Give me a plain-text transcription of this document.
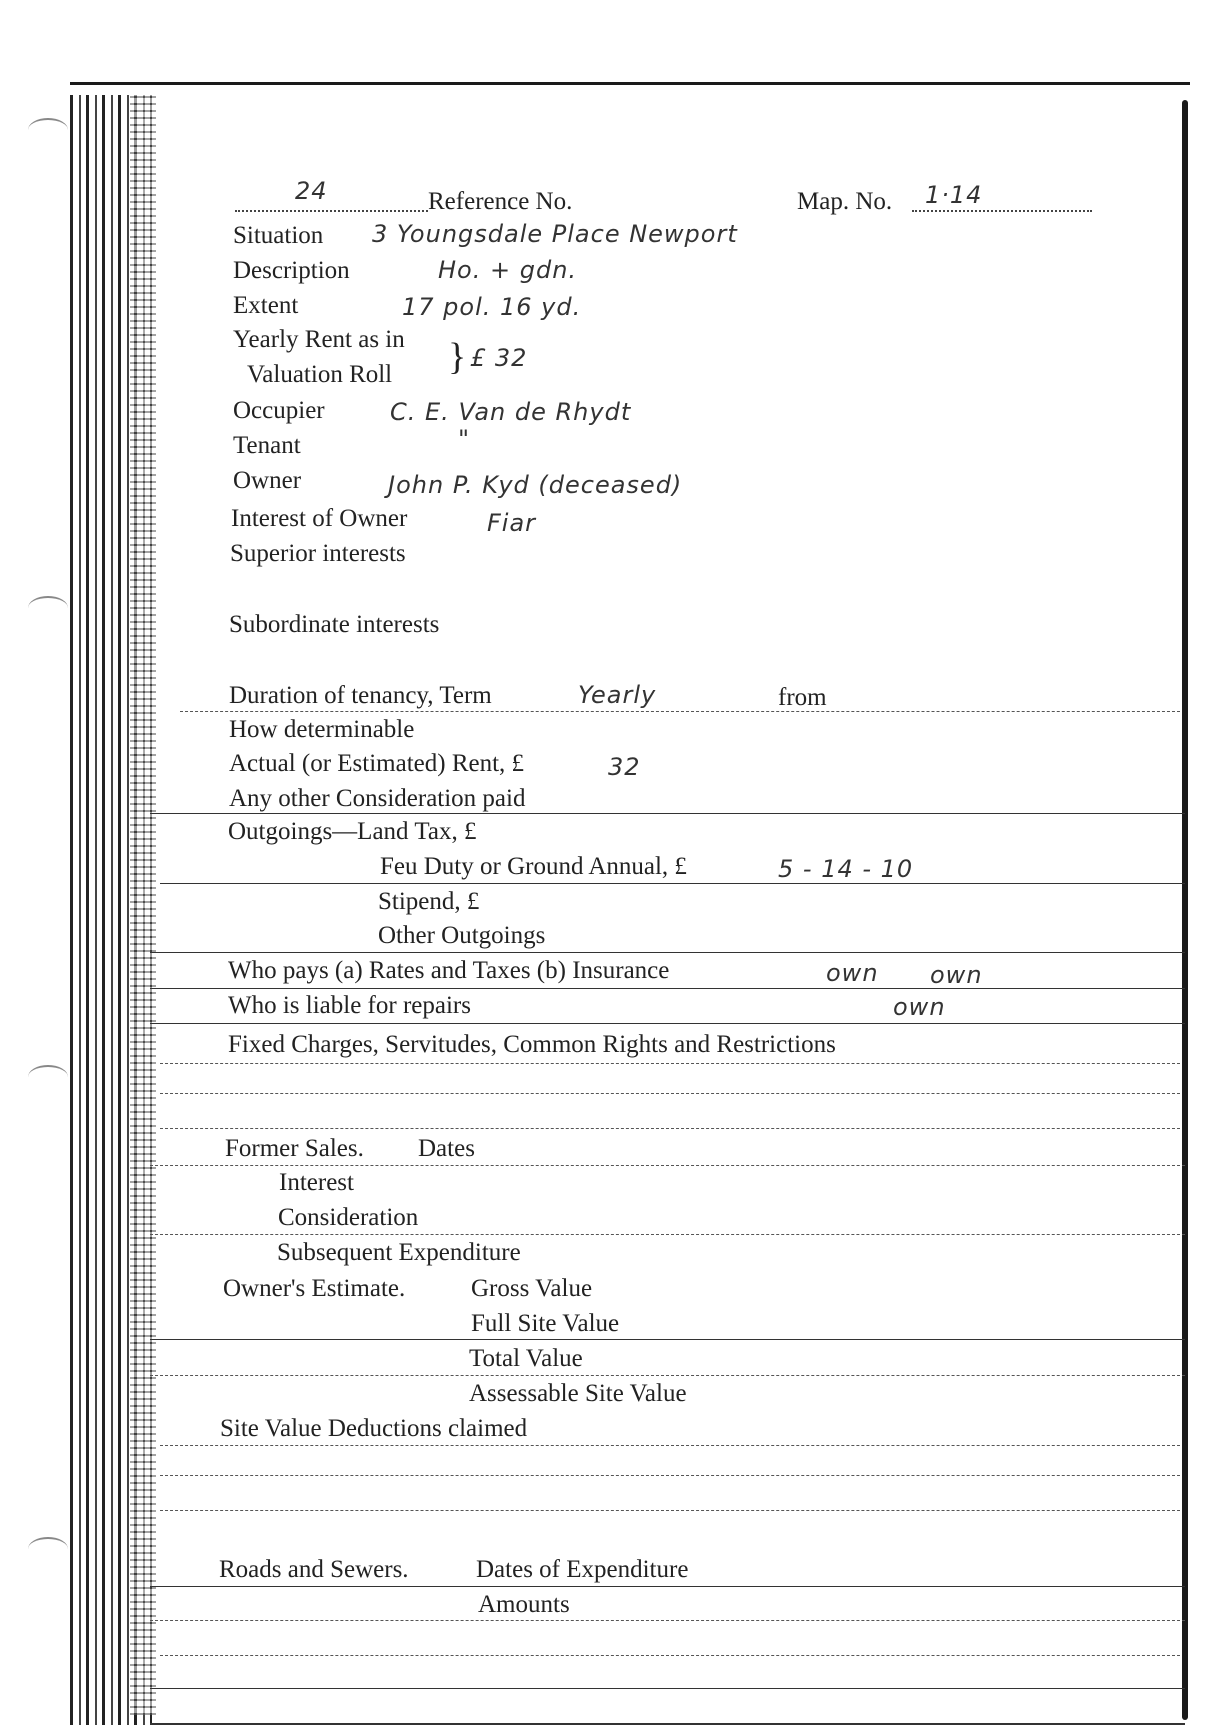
24	Reference No.	Map. No. 1·14
Situation 3 Youngsdale Place Newport
Description	Ho. + gdn.
Extent	17 pol. 16 yd.
Yearly Rent as in
Valuation Roll } £ 32
Occupier	C. E. Van de Rhydt
Tenant	"
Owner	John P. Kyd (deceased)
Interest of Owner	Fiar
Superior interests
Subordinate interests
Duration of tenancy, Term	Yearly	from
How determinable
Actual (or Estimated) Rent, £	32
Any other Consideration paid
Outgoings—Land Tax, £
Feu Duty or Ground Annual, £	5 - 14 - 10
Stipend, £
Other Outgoings
Who pays (a) Rates and Taxes (b) Insurance	own own
Who is liable for repairs	own
Fixed Charges, Servitudes, Common Rights and Restrictions
Former Sales. Dates
Interest
Consideration
Subsequent Expenditure
Owner's Estimate.	Gross Value
Full Site Value
Total Value
Assessable Site Value
Site Value Deductions claimed
Roads and Sewers.	Dates of Expenditure
Amounts
